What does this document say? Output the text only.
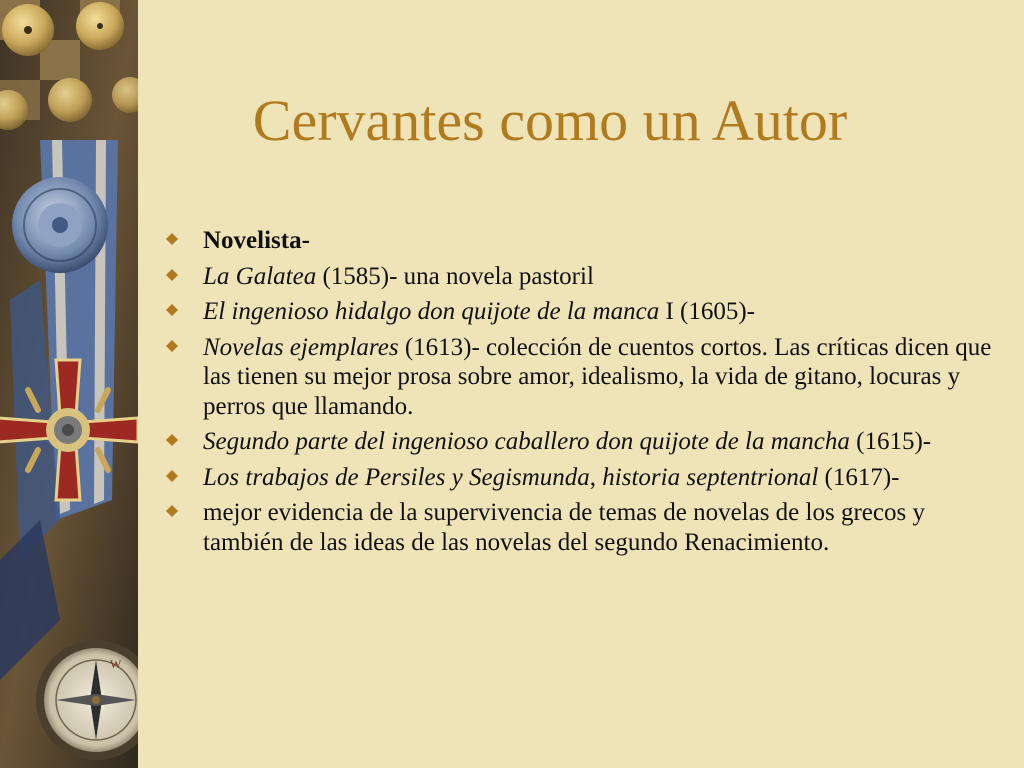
W
Cervantes como un Autor
Novelista-
La Galatea (1585)- una novela pastoril
El ingenioso hidalgo don quijote de la manca I (1605)-
Novelas ejemplares (1613)- colección de cuentos cortos. Las críticas dicen que las tienen su mejor prosa sobre amor, idealismo, la vida de gitano, locuras y perros que llamando.
Segundo parte del ingenioso caballero don quijote de la mancha (1615)-
Los trabajos de Persiles y Segismunda, historia septentrional (1617)-
mejor evidencia de la supervivencia de temas de novelas de los grecos y también de las ideas de las novelas del segundo Renacimiento.
